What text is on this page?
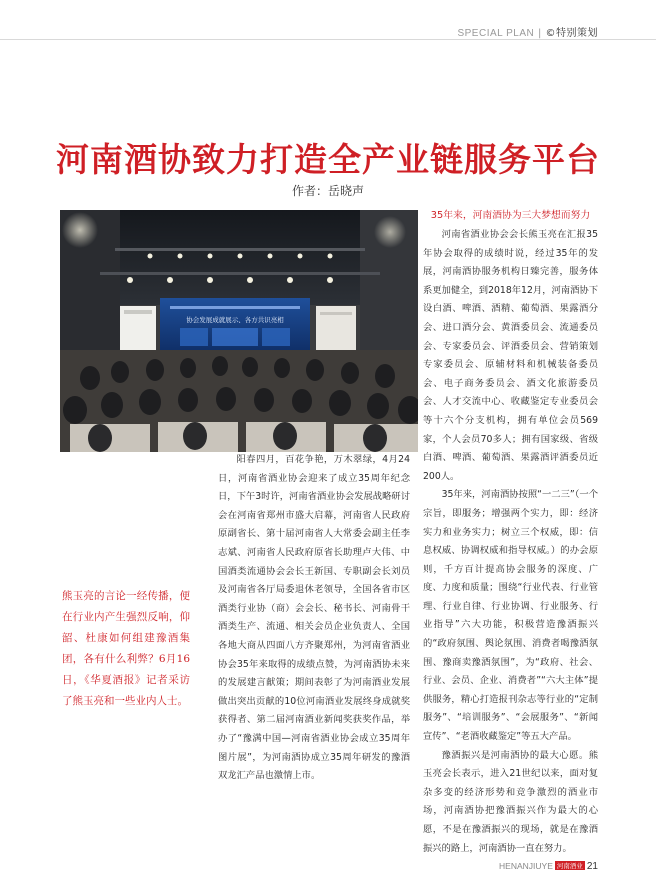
SPECIAL PLAN | ©特别策划
河南酒协致力打造全产业链服务平台
作者：岳晓声
协会发展成就展示、各方共识亮相
35年来，河南酒协为三大梦想而努力

河南省酒业协会会长熊玉亮在汇报35年协会取得的成绩时说，经过35年的发展，河南酒协服务机构日臻完善，服务体系更加健全，到2018年12月，河南酒协下设白酒、啤酒、酒精、葡萄酒、果露酒分会、进口酒分会、黄酒委员会、流通委员会、专家委员会、评酒委员会、营销策划专家委员会、原辅材料和机械装备委员会、电子商务委员会、酒文化旅游委员会、人才交流中心、收藏鉴定专业委员会等十六个分支机构，拥有单位会员569家，个人会员70多人；拥有国家级、省级白酒、啤酒、葡萄酒、果露酒评酒委员近200人。

35年来，河南酒协按照“一二三”（一个宗旨，即服务；增强两个实力，即：经济实力和业务实力；树立三个权威，即：信息权威、协调权威和指导权威。）的办会原则，千方百计提高协会服务的深度、广度、力度和质量；围绕“行业代表、行业管理、行业自律、行业协调、行业服务、行业指导”六大功能，积极营造豫酒振兴的“政府氛围、舆论氛围、消费者喝豫酒氛围、豫商卖豫酒氛围”，为“政府、社会、行业、会员、企业、消费者”“六大主体”提供服务，精心打造报刊杂志等行业的“定制服务”、“培训服务”、“会展服务”、“新闻宣传”、“老酒收藏鉴定”等五大产品。

豫酒振兴是河南酒协的最大心愿。熊玉亮会长表示，进入21世纪以来，面对复杂多变的经济形势和竞争激烈的酒业市场，河南酒协把豫酒振兴作为最大的心愿，不是在豫酒振兴的现场，就是在豫酒振兴的路上，河南酒协一直在努力。

阳春四月，百花争艳，万木翠绿，4月24日，河南省酒业协会迎来了成立35周年纪念日，下午3时许，河南省酒业协会发展战略研讨会在河南省郑州市盛大启幕，河南省人民政府原副省长、第十届河南省人大常委会副主任李志斌、河南省人民政府原省长助理卢大伟、中国酒类流通协会会长王新国、专职副会长刘员及河南省各厅局委退休老领导，全国各省市区酒类行业协（商）会会长、秘书长、河南骨干酒类生产、流通、相关会员企业负责人、全国各地大商从四面八方齐聚郑州，为河南省酒业协会35年来取得的成绩点赞，为河南酒协未来的发展建言献策；期间表彰了为河南酒业发展做出突出贡献的10位河南酒业发展终身成就奖获得者、第二届河南酒业新闻奖获奖作品，举办了“豫满中国—河南省酒业协会成立35周年图片展”，为河南酒协成立35周年研发的豫酒双龙汇产品也激情上市。

熊玉亮的言论一经传播，便在行业内产生强烈反响，仰韶、杜康如何组建豫酒集团，各有什么利弊？6月16日，《华夏酒报》记者采访了熊玉亮和一些业内人士。
HENANJIUYE 河南酒业 21
